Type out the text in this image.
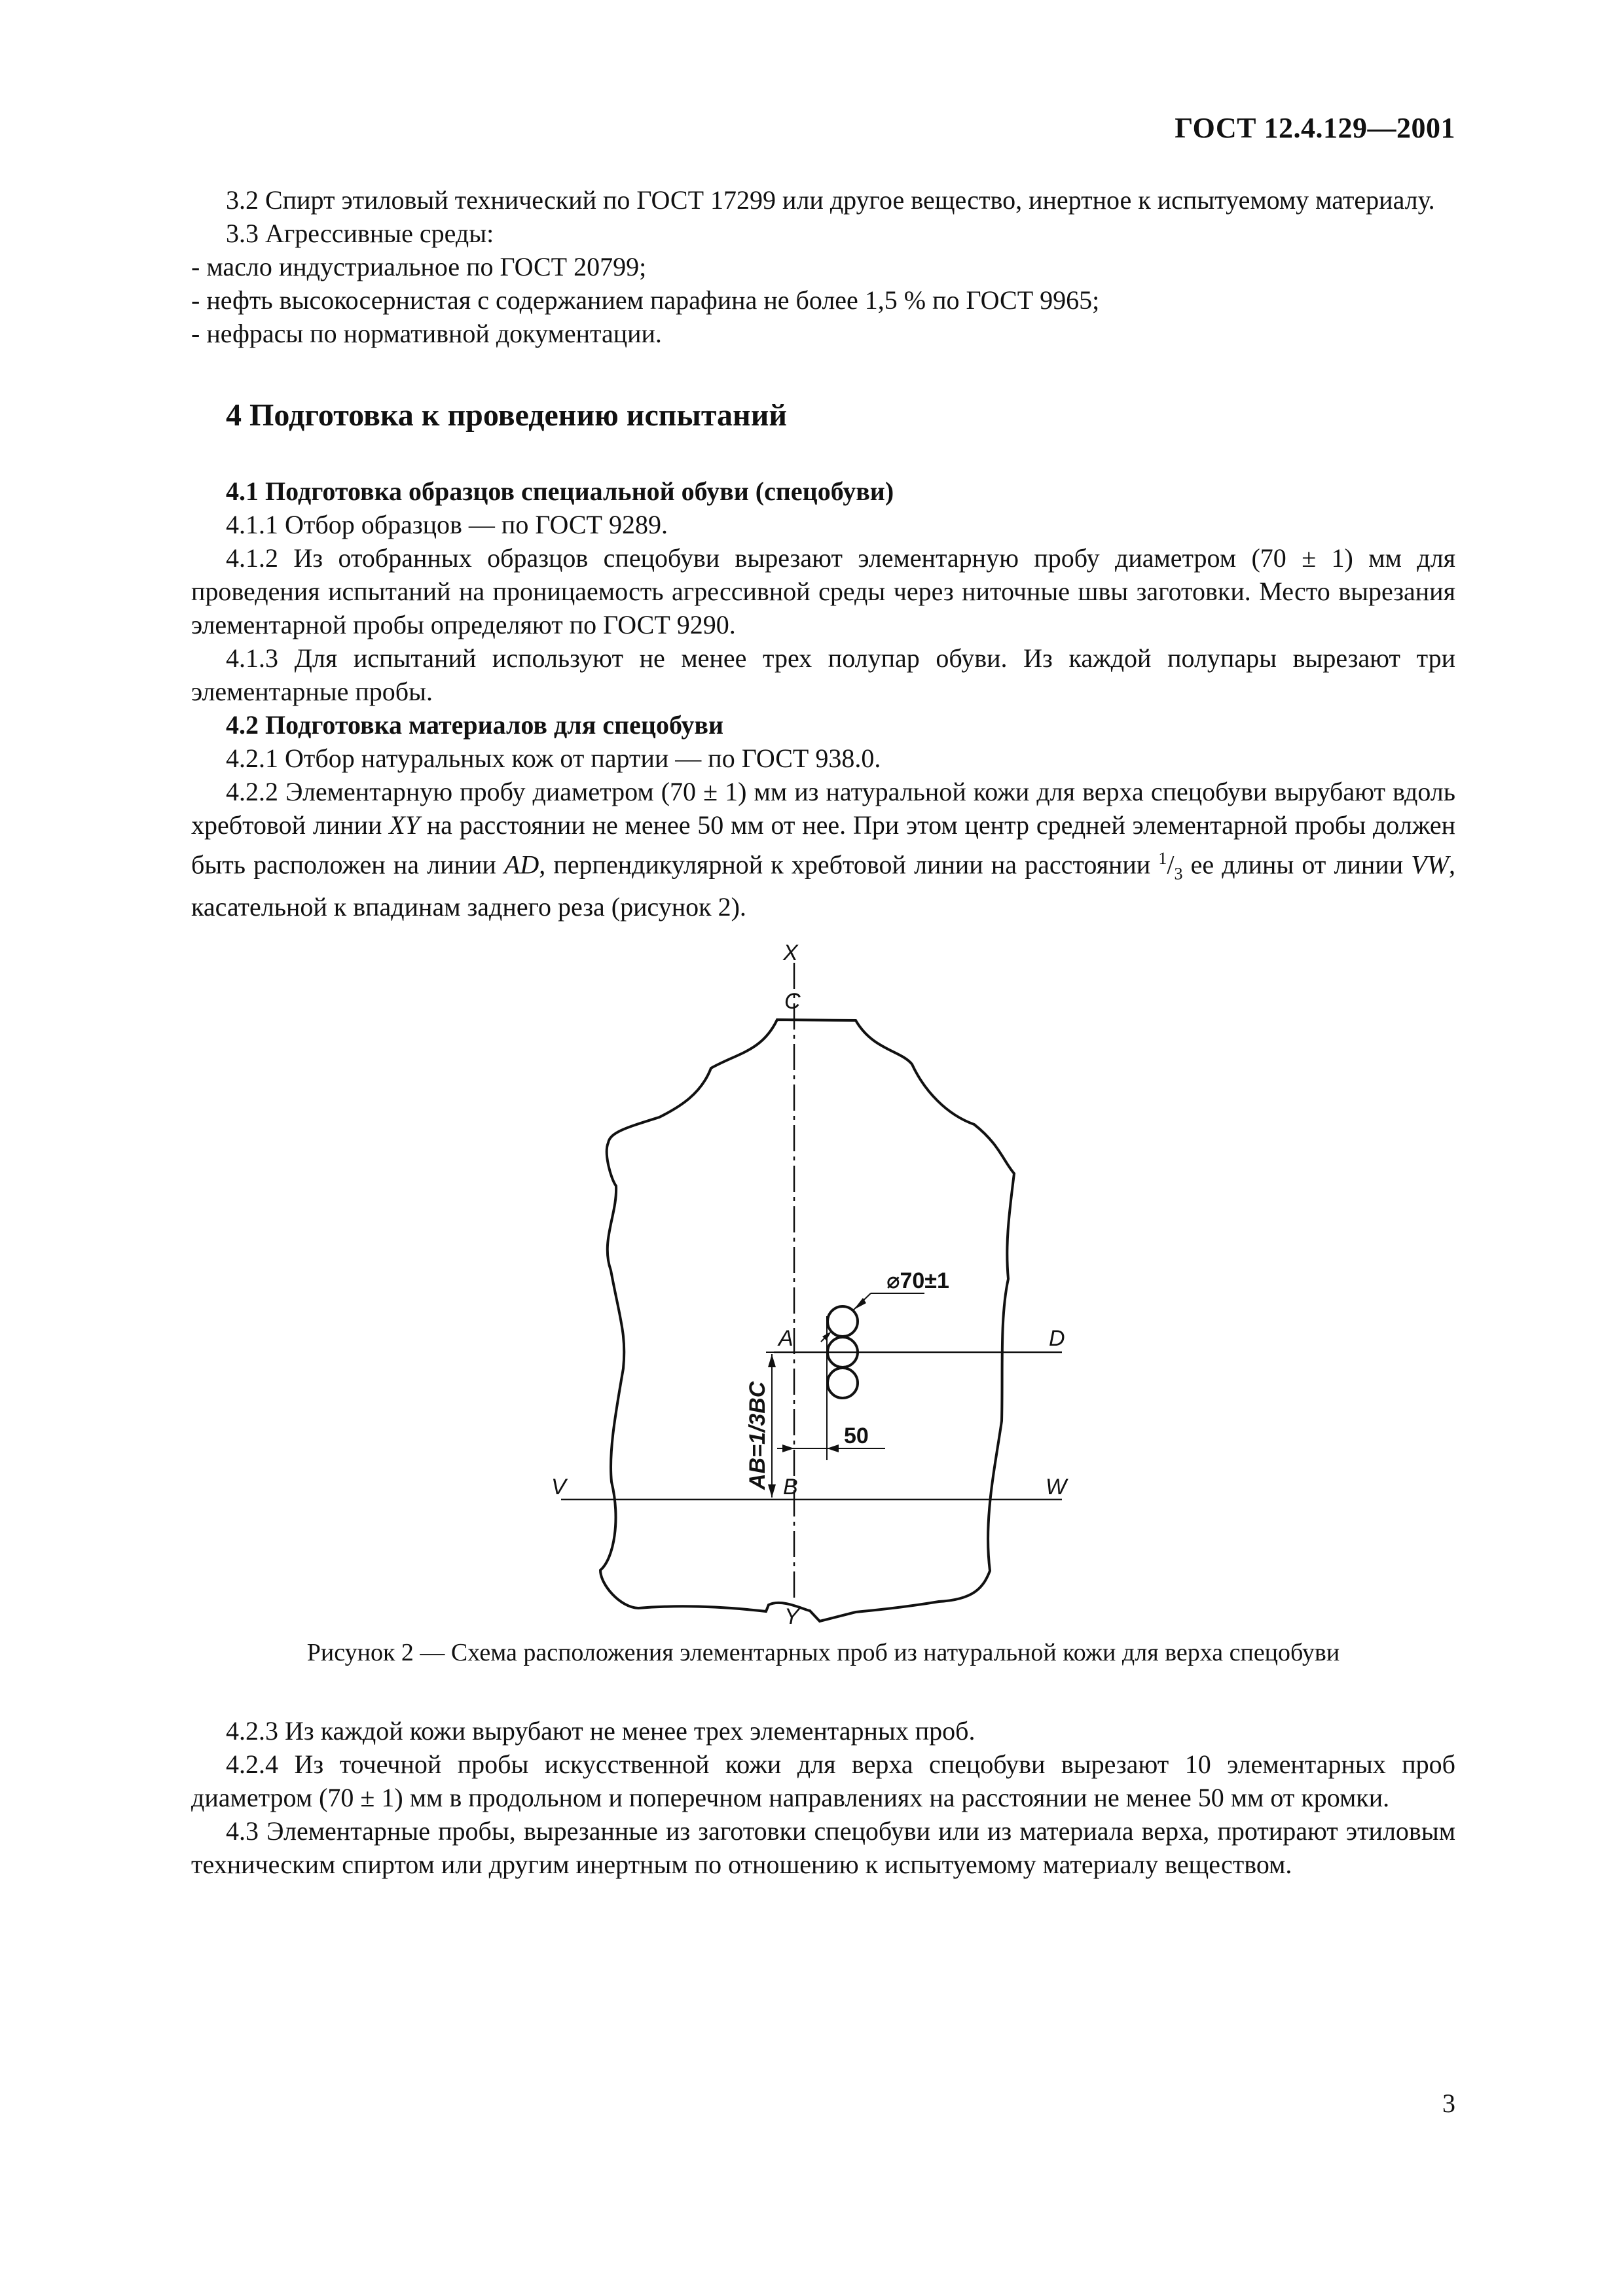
ГОСТ 12.4.129—2001

3.2 Спирт этиловый технический по ГОСТ 17299 или другое вещество, инертное к испытуемому материалу.

3.3 Агрессивные среды:

- масло индустриальное по ГОСТ 20799;

- нефть высокосернистая с содержанием парафина не более 1,5 % по ГОСТ 9965;

- нефрасы по нормативной документации.

4 Подготовка к проведению испытаний

4.1 Подготовка образцов специальной обуви (спецобуви)

4.1.1 Отбор образцов — по ГОСТ 9289.

4.1.2 Из отобранных образцов спецобуви вырезают элементарную пробу диаметром (70 ± 1) мм для проведения испытаний на проницаемость агрессивной среды через ниточные швы заготовки. Место вырезания элементарной пробы определяют по ГОСТ 9290.

4.1.3 Для испытаний используют не менее трех полупар обуви. Из каждой полупары вырезают три элементарные пробы.

4.2 Подготовка материалов для спецобуви

4.2.1 Отбор натуральных кож от партии — по ГОСТ 938.0.

4.2.2 Элементарную пробу диаметром (70 ± 1) мм из натуральной кожи для верха спецобуви вырубают вдоль хребтовой линии XY на расстоянии не менее 50 мм от нее. При этом центр средней элементарной пробы должен быть расположен на линии AD, перпендикулярной к хребтовой линии на расстоянии $^1/_3$ ее длины от линии VW, касательной к впадинам заднего реза (рисунок 2).

X
C
A	D
B
V	W
Y
⌀70±1
50
AB=1/3BC
Рисунок 2 — Схема расположения элементарных проб из натуральной кожи для верха спецобуви

4.2.3 Из каждой кожи вырубают не менее трех элементарных проб.

4.2.4 Из точечной пробы искусственной кожи для верха спецобуви вырезают 10 элементарных проб диаметром (70 ± 1) мм в продольном и поперечном направлениях на расстоянии не менее 50 мм от кромки.

4.3 Элементарные пробы, вырезанные из заготовки спецобуви или из материала верха, протирают этиловым техническим спиртом или другим инертным по отношению к испытуемому материалу веществом.

3
